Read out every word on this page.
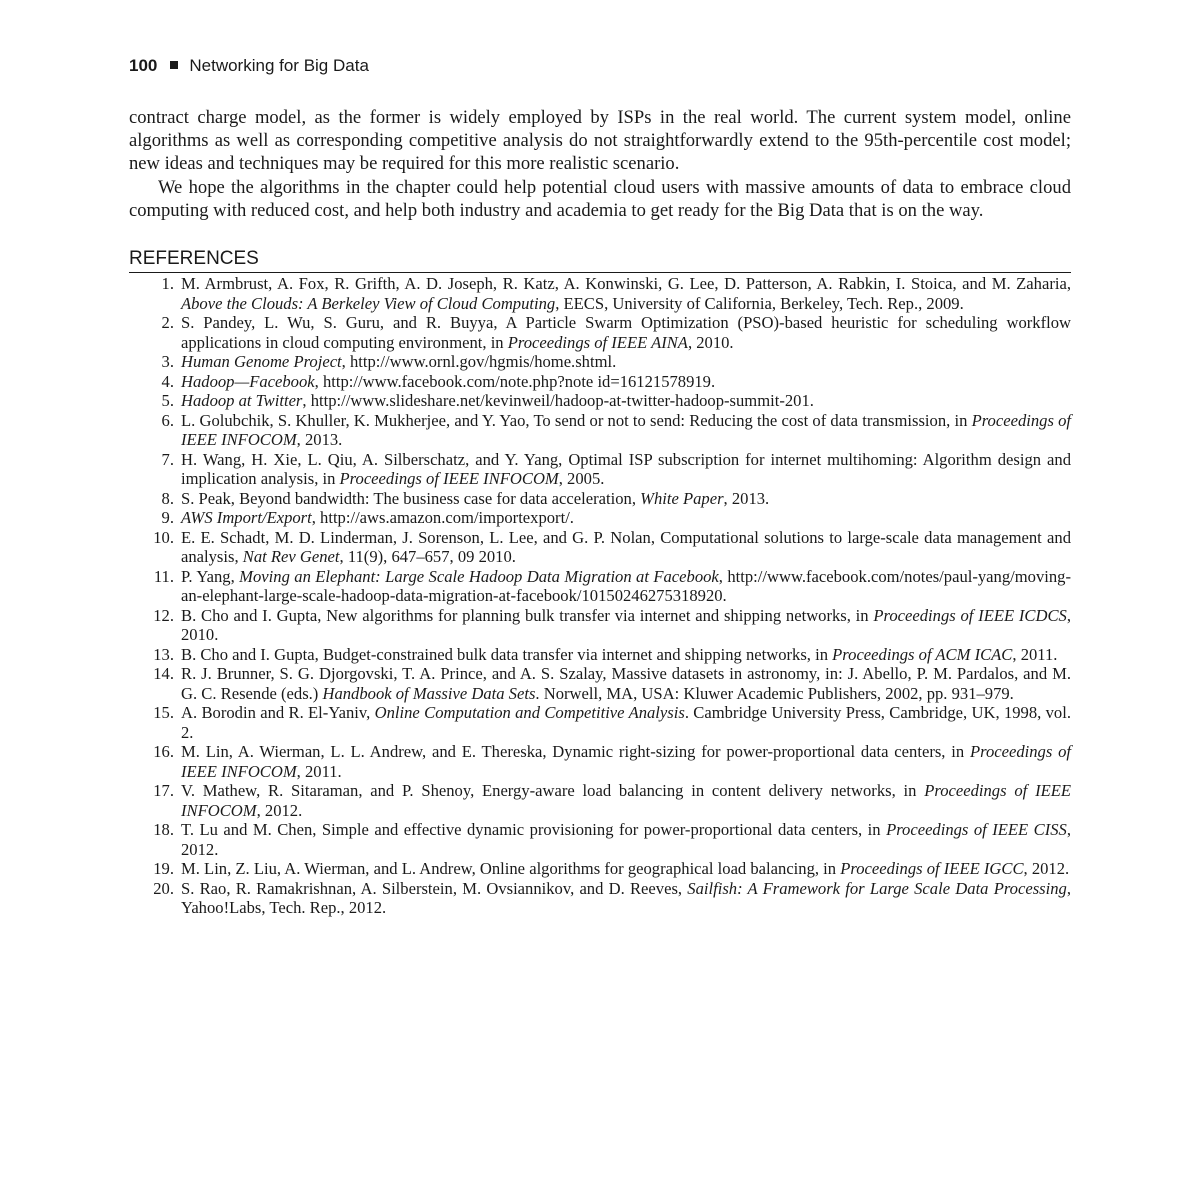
100 Networking for Big Data

contract charge model, as the former is widely employed by ISPs in the real world. The current system model, online algorithms as well as corresponding competitive analysis do not straightforwardly extend to the 95th-percentile cost model; new ideas and techniques may be required for this more realistic scenario.

We hope the algorithms in the chapter could help potential cloud users with massive amounts of data to embrace cloud computing with reduced cost, and help both industry and academia to get ready for the Big Data that is on the way.

REFERENCES
1. M. Armbrust, A. Fox, R. Grifth, A. D. Joseph, R. Katz, A. Konwinski, G. Lee, D. Patterson, A. Rabkin, I. Stoica, and M. Zaharia, Above the Clouds: A Berkeley View of Cloud Computing, EECS, University of California, Berkeley, Tech. Rep., 2009.
2. S. Pandey, L. Wu, S. Guru, and R. Buyya, A Particle Swarm Optimization (PSO)-based heuristic for scheduling workflow applications in cloud computing environment, in Proceedings of IEEE AINA, 2010.
3. Human Genome Project, http://www.ornl.gov/hgmis/home.shtml.
4. Hadoop—Facebook, http://www.facebook.com/note.php?note id=16121578919.
5. Hadoop at Twitter, http://www.slideshare.net/kevinweil/hadoop-at-twitter-hadoop-summit-201.
6. L. Golubchik, S. Khuller, K. Mukherjee, and Y. Yao, To send or not to send: Reducing the cost of data transmission, in Proceedings of IEEE INFOCOM, 2013.
7. H. Wang, H. Xie, L. Qiu, A. Silberschatz, and Y. Yang, Optimal ISP subscription for internet multihoming: Algorithm design and implication analysis, in Proceedings of IEEE INFOCOM, 2005.
8. S. Peak, Beyond bandwidth: The business case for data acceleration, White Paper, 2013.
9. AWS Import/Export, http://aws.amazon.com/importexport/.
10. E. E. Schadt, M. D. Linderman, J. Sorenson, L. Lee, and G. P. Nolan, Computational solutions to large-scale data management and analysis, Nat Rev Genet, 11(9), 647–657, 09 2010.
11. P. Yang, Moving an Elephant: Large Scale Hadoop Data Migration at Facebook, http://www.facebook.com/notes/paul-yang/moving-an-elephant-large-scale-hadoop-data-migration-at-facebook/10150246275318920.
12. B. Cho and I. Gupta, New algorithms for planning bulk transfer via internet and shipping networks, in Proceedings of IEEE ICDCS, 2010.
13. B. Cho and I. Gupta, Budget-constrained bulk data transfer via internet and shipping networks, in Proceedings of ACM ICAC, 2011.
14. R. J. Brunner, S. G. Djorgovski, T. A. Prince, and A. S. Szalay, Massive datasets in astronomy, in: J. Abello, P. M. Pardalos, and M. G. C. Resende (eds.) Handbook of Massive Data Sets. Norwell, MA, USA: Kluwer Academic Publishers, 2002, pp. 931–979.
15. A. Borodin and R. El-Yaniv, Online Computation and Competitive Analysis. Cambridge University Press, Cambridge, UK, 1998, vol. 2.
16. M. Lin, A. Wierman, L. L. Andrew, and E. Thereska, Dynamic right-sizing for power-proportional data centers, in Proceedings of IEEE INFOCOM, 2011.
17. V. Mathew, R. Sitaraman, and P. Shenoy, Energy-aware load balancing in content delivery networks, in Proceedings of IEEE INFOCOM, 2012.
18. T. Lu and M. Chen, Simple and effective dynamic provisioning for power-proportional data centers, in Proceedings of IEEE CISS, 2012.
19. M. Lin, Z. Liu, A. Wierman, and L. Andrew, Online algorithms for geographical load balancing, in Proceedings of IEEE IGCC, 2012.
20. S. Rao, R. Ramakrishnan, A. Silberstein, M. Ovsiannikov, and D. Reeves, Sailfish: A Framework for Large Scale Data Processing, Yahoo!Labs, Tech. Rep., 2012.
